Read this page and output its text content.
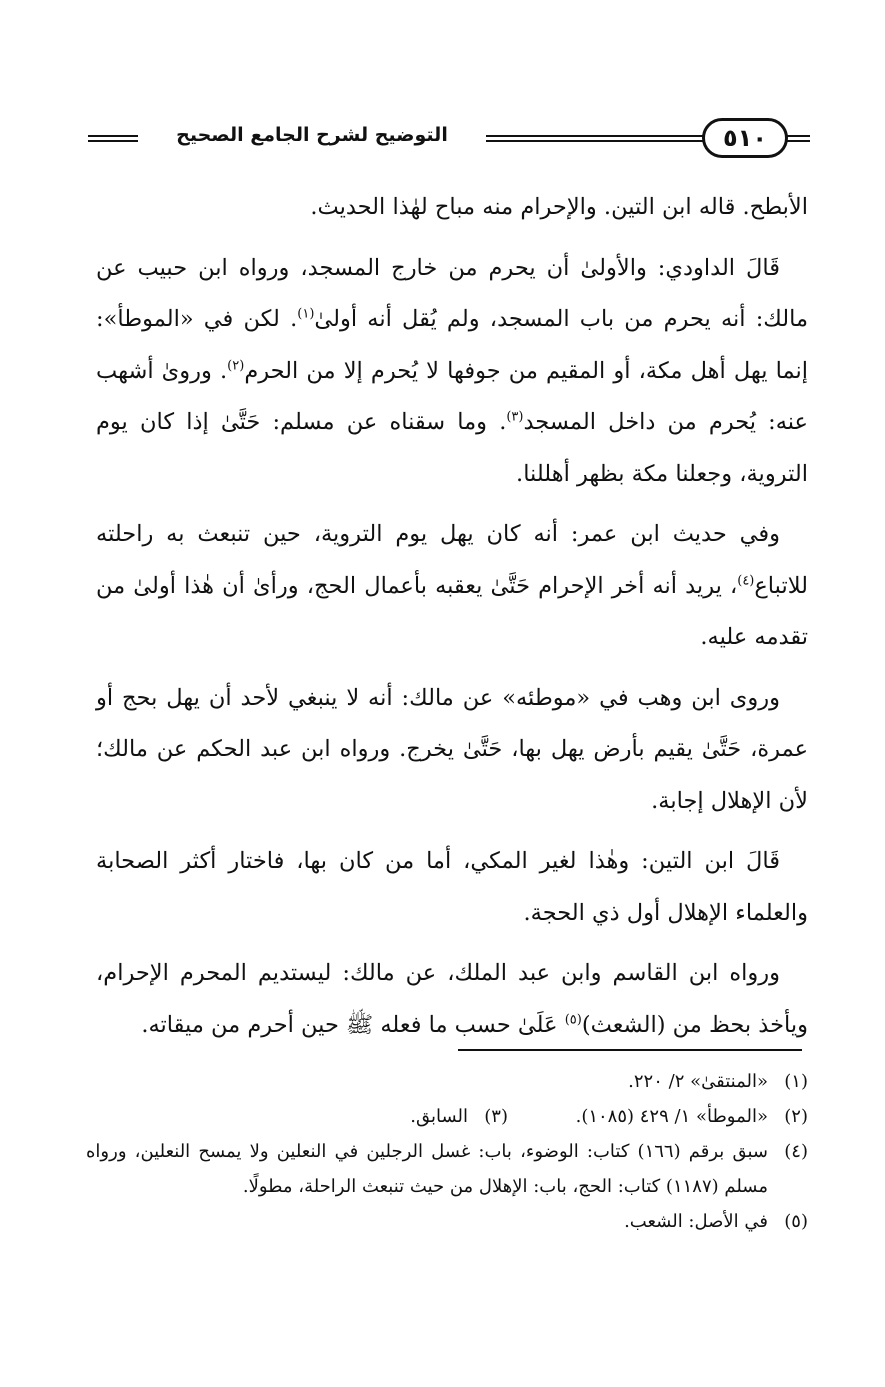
التوضيح لشرح الجامع الصحيح	٥١٠

الأبطح. قاله ابن التين. والإحرام منه مباح لهٰذا الحديث.

قَالَ الداودي: والأولىٰ أن يحرم من خارج المسجد، ورواه ابن حبيب عن مالك: أنه يحرم من باب المسجد، ولم يُقل أنه أولىٰ$^{(١)}$. لكن في «الموطأ»: إنما يهل أهل مكة، أو المقيم من جوفها لا يُحرم إلا من الحرم$^{(٢)}$. ورویٰ أشهب عنه: يُحرم من داخل المسجد$^{(٣)}$. وما سقناه عن مسلم: حَتَّىٰ إذا كان يوم التروية، وجعلنا مكة بظهر أهللنا.

وفي حديث ابن عمر: أنه كان يهل يوم التروية، حين تنبعث به راحلته للاتباع$^{(٤)}$، يريد أنه أخر الإحرام حَتَّىٰ يعقبه بأعمال الحج، ورأىٰ أن هٰذا أولىٰ من تقدمه عليه.

وروى ابن وهب في «موطئه» عن مالك: أنه لا ينبغي لأحد أن يهل بحج أو عمرة، حَتَّىٰ يقيم بأرض يهل بها، حَتَّىٰ يخرج. ورواه ابن عبد الحكم عن مالك؛ لأن الإهلال إجابة.

قَالَ ابن التين: وهٰذا لغير المكي، أما من كان بها، فاختار أكثر الصحابة والعلماء الإهلال أول ذي الحجة.

ورواه ابن القاسم وابن عبد الملك، عن مالك: ليستديم المحرم الإحرام، ويأخذ بحظ من (الشعث)$^{(٥)}$ عَلَىٰ حسب ما فعله ﷺ حين أحرم من ميقاته.

(١)
«المنتقىٰ» ٢/ ٢٢٠.
(٢)
«الموطأ» ١/ ٤٢٩ (١٠٨٥).
(٣)
السابق.
(٤)
سبق برقم (١٦٦) كتاب: الوضوء، باب: غسل الرجلين في النعلين ولا يمسح النعلين، ورواه مسلم (١١٨٧) كتاب: الحج، باب: الإهلال من حيث تنبعث الراحلة، مطولًا.
(٥)
في الأصل: الشعب.
